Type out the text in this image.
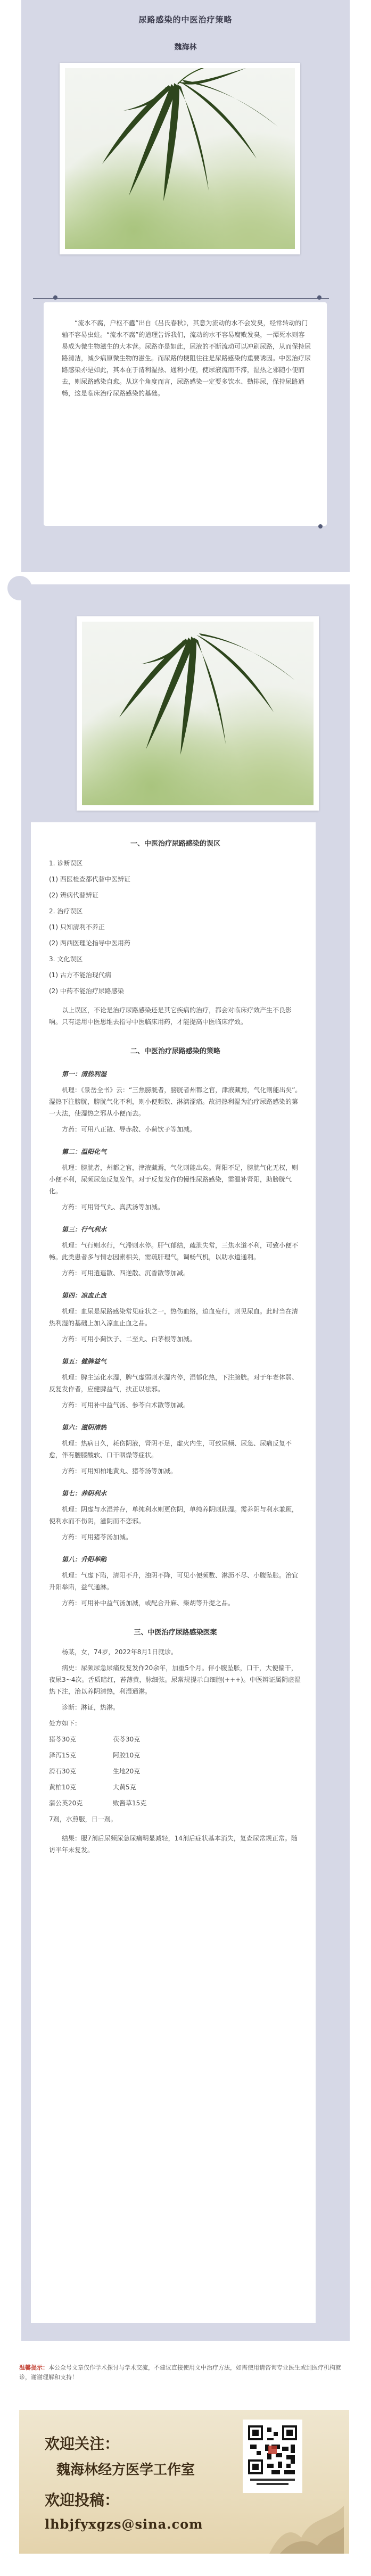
尿路感染的中医治疗策略
魏海林

“流水不腐，户枢不蠹”出自《吕氏春秋》，其意为流动的水不会发臭，经常转动的门轴不容易虫蛀。“流水不腐”的道理告诉我们，流动的水不容易腐败发臭，一潭死水则容易成为微生物滋生的大本营。尿路亦是如此，尿液的不断流动可以冲刷尿路，从而保持尿路清洁，减少病原微生物的滋生。而尿路的梗阻往往是尿路感染的重要诱因。中医治疗尿路感染亦是如此，其本在于清利湿热、通利小便，使尿液流而不滞，湿热之邪随小便而去，则尿路感染自愈。从这个角度而言，尿路感染一定要多饮水、勤排尿，保持尿路通畅，这是临床治疗尿路感染的基础。

一、中医治疗尿路感染的误区

1. 诊断误区

(1) 西医检查都代替中医辨证

(2) 辨病代替辨证

2. 治疗误区

(1) 只知清利不养正

(2) 两西医理论指导中医用药

3. 文化误区

(1) 古方不能治现代病

(2) 中药不能治疗尿路感染

以上误区，不论是治疗尿路感染还是其它疾病的治疗，都会对临床疗效产生不良影响。只有运用中医思维去指导中医临床用药，才能提高中医临床疗效。

二、中医治疗尿路感染的策略

第一：清热利湿

机理：《景岳全书》云：“三焦膀胱者，膀胱者州都之官，津液藏焉，气化则能出矣”。湿热下注膀胱，膀胱气化不利，则小便频数、淋漓涩痛。故清热利湿为治疗尿路感染的第一大法，使湿热之邪从小便而去。

方药：可用八正散、导赤散、小蓟饮子等加减。

第二：温阳化气

机理：膀胱者，州都之官，津液藏焉，气化则能出矣。肾阳不足，膀胱气化无权，则小便不利，尿频尿急反复发作。对于反复发作的慢性尿路感染，需温补肾阳，助膀胱气化。

方药：可用肾气丸、真武汤等加减。

第三：行气利水

机理：气行则水行，气滞则水停。肝气郁结，疏泄失常，三焦水道不利，可致小便不畅。此类患者多与情志因素相关，需疏肝理气，调畅气机，以助水道通利。

方药：可用逍遥散、四逆散、沉香散等加减。

第四：凉血止血

机理：血尿是尿路感染常见症状之一，热伤血络，迫血妄行，则见尿血。此时当在清热利湿的基础上加入凉血止血之品。

方药：可用小蓟饮子、二至丸、白茅根等加减。

第五：健脾益气

机理：脾主运化水湿，脾气虚弱则水湿内停，湿郁化热，下注膀胱。对于年老体弱、反复发作者，应健脾益气，扶正以祛邪。

方药：可用补中益气汤、参苓白术散等加减。

第六：滋阴清热

机理：热病日久，耗伤阴液，肾阴不足，虚火内生，可致尿频、尿急、尿痛反复不愈，伴有腰膝酸软、口干咽燥等症状。

方药：可用知柏地黄丸、猪苓汤等加减。

第七：养阴利水

机理：阴虚与水湿并存，单纯利水则更伤阴，单纯养阴则助湿。需养阴与利水兼顾，使利水而不伤阴，滋阴而不恋邪。

方药：可用猪苓汤加减。

第八：升阳举陷

机理：气虚下陷，清阳不升，浊阴不降，可见小便频数、淋沥不尽、小腹坠胀。治宜升阳举陷，益气通淋。

方药：可用补中益气汤加减，或配合升麻、柴胡等升提之品。

三、中医治疗尿路感染医案

杨某，女，74岁，2022年8月1日就诊。

病史：尿频尿急尿痛反复发作20余年，加重5个月。伴小腹坠胀，口干，大便偏干，夜尿3~4次。舌质暗红，苔薄黄，脉细弦。尿常规提示白细胞(+++)。中医辨证属阴虚湿热下注，治以养阴清热，利湿通淋。

诊断：淋证，热淋。

处方如下：

猪苓30克	茯苓30克
泽泻15克	阿胶10克
滑石30克	生地20克
黄柏10克	大黄5克
蒲公英20克	败酱草15克

7剂，水煎服，日一剂。

结果：服7剂后尿频尿急尿痛明显减轻，14剂后症状基本消失，复查尿常规正常。随访半年未复发。

温馨提示：本公众号文章仅作学术探讨与学术交流，不建议直接使用文中治疗方法，如需使用请咨询专业医生或到医疗机构就诊，谢谢理解和支持！
欢迎关注：
魏海林经方医学工作室
欢迎投稿：
lhbjfyxgzs@sina.com
